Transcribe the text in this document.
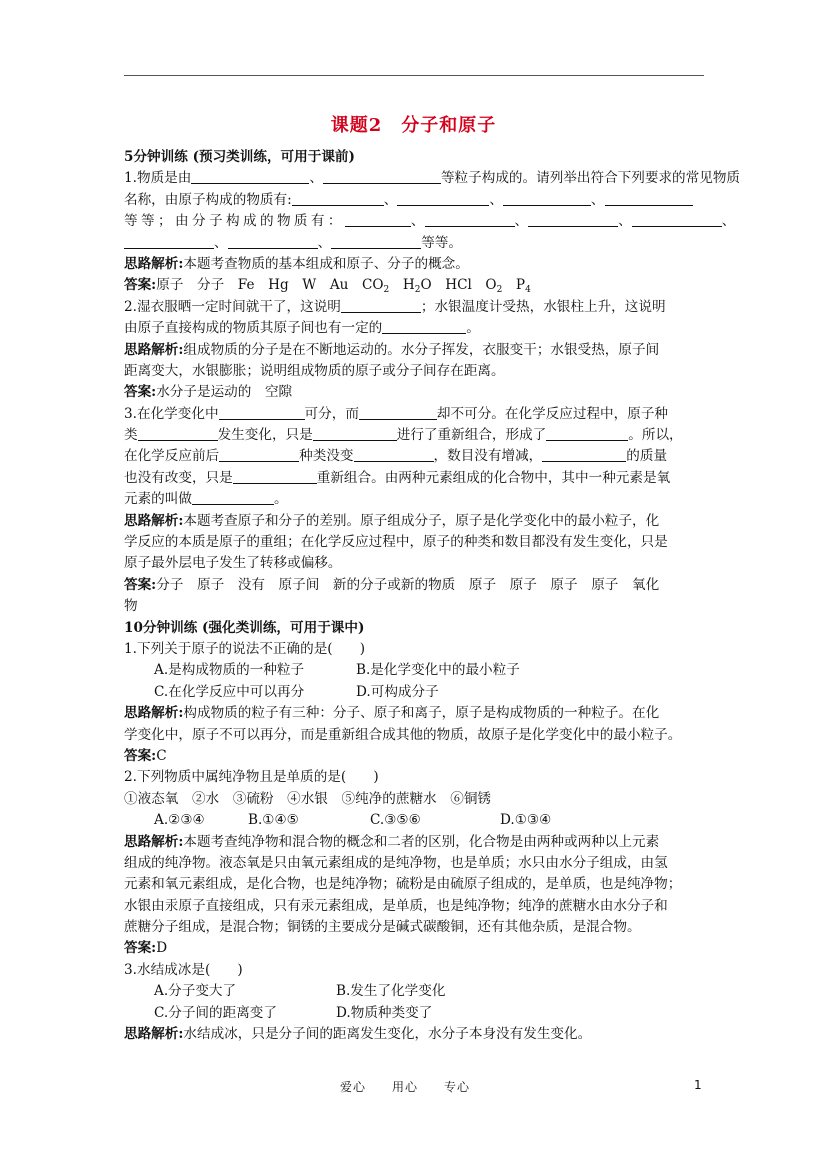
课题2　分子和原子
5分钟训练 (预习类训练，可用于课前)
1.物质是由	、	等粒子构成的。请列举出符合下列要求的常见物质
名称，由原子构成的物质有:	、	、	、
等等；由分子构成的物质有：	、	、	、	、
、	、	等等。
思路解析:本题考查物质的基本组成和原子、分子的概念。
答案:原子　分子　Fe　Hg　W　Au　$CO_2$　 $H_2O$　 HCl　 $O_2$　 $P_4$
2.湿衣服晒一定时间就干了，这说明	；水银温度计受热，水银柱上升，这说明
由原子直接构成的物质其原子间也有一定的	。
思路解析:组成物质的分子是在不断地运动的。水分子挥发，衣服变干；水银受热，原子间
距离变大，水银膨胀；说明组成物质的原子或分子间存在距离。
答案:水分子是运动的　空隙
3.在化学变化中	可分，而	却不可分。在化学反应过程中，原子种
类	发生变化，只是	进行了重新组合，形成了	。所以，
在化学反应前后	种类没变	，数目没有增减，	的质量
也没有改变，只是	重新组合。由两种元素组成的化合物中，其中一种元素是氧
元素的叫做	。
思路解析:本题考查原子和分子的差别。原子组成分子，原子是化学变化中的最小粒子，化
学反应的本质是原子的重组；在化学反应过程中，原子的种类和数目都没有发生变化，只是
原子最外层电子发生了转移或偏移。
答案:分子　原子　没有　原子间　新的分子或新的物质　原子　原子　原子　原子　氧化
物
10分钟训练 (强化类训练，可用于课中)
1.下列关于原子的说法不正确的是(　　)
A.是构成物质的一种粒子	B.是化学变化中的最小粒子
C.在化学反应中可以再分	D.可构成分子
思路解析:构成物质的粒子有三种：分子、原子和离子，原子是构成物质的一种粒子。在化
学变化中，原子不可以再分，而是重新组合成其他的物质，故原子是化学变化中的最小粒子。
答案:C
2.下列物质中属纯净物且是单质的是(　　)
①液态氧　②水　③硫粉　④水银　⑤纯净的蔗糖水　⑥铜锈
A.②③④	B.①④⑤	C.③⑤⑥	D.①③④
思路解析:本题考查纯净物和混合物的概念和二者的区别，化合物是由两种或两种以上元素
组成的纯净物。液态氧是只由氧元素组成的是纯净物，也是单质；水只由水分子组成，由氢
元素和氧元素组成，是化合物，也是纯净物；硫粉是由硫原子组成的，是单质，也是纯净物；
水银由汞原子直接组成，只有汞元素组成，是单质，也是纯净物；纯净的蔗糖水由水分子和
蔗糖分子组成，是混合物；铜锈的主要成分是碱式碳酸铜，还有其他杂质，是混合物。
答案:D
3.水结成冰是(　　)
A.分子变大了	B.发生了化学变化
C.分子间的距离变了	D.物质种类变了
思路解析:水结成冰，只是分子间的距离发生变化，水分子本身没有发生变化。
爱心　　用心　　专心	1
